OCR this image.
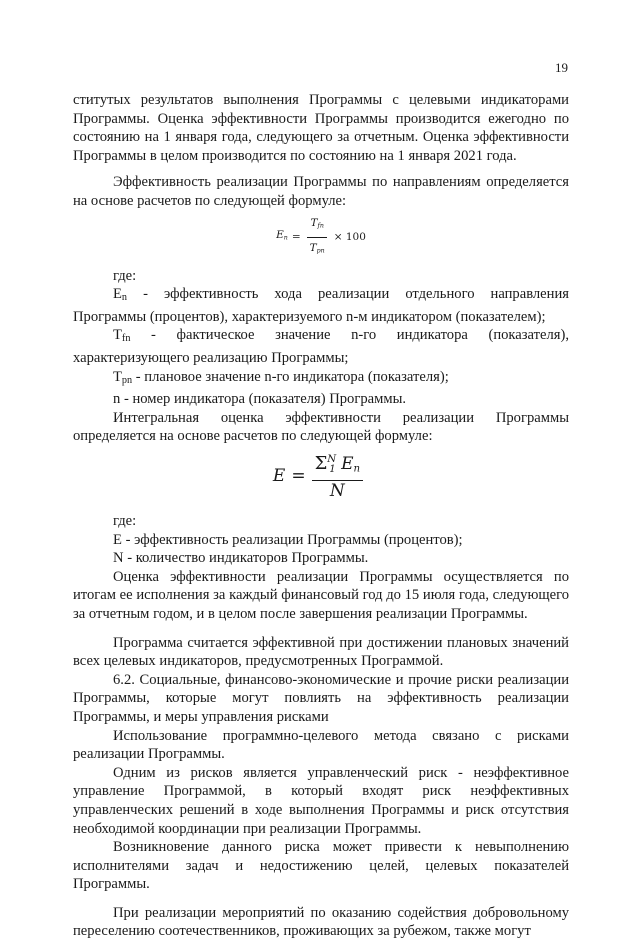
19

ститутых результатов выполнения Программы с целевыми индикаторами Программы. Оценка эффективности Программы производится ежегодно по состоянию на 1 января года, следующего за отчетным. Оценка эффективности Программы в целом производится по состоянию на 1 января 2021 года.

Эффективность реализации Программы по направлениям определяется на основе расчетов по следующей формуле:

$En = \frac{\text{Tfn}}{\text{Tpn}} \times 100$

где:

En - эффективность хода реализации отдельного направления Программы (процентов), характеризуемого n-м индикатором (показателем);

Tfn - фактическое значение n-го индикатора (показателя), характеризующего реализацию Программы;

Tpn - плановое значение n-го индикатора (показателя);

n - номер индикатора (показателя) Программы.

Интегральная оценка эффективности реализации Программы определяется на основе расчетов по следующей формуле:

$E = \frac{\Sigma^N1 En}{N}$

где:

E - эффективность реализации Программы (процентов);

N - количество индикаторов Программы.

Оценка эффективности реализации Программы осуществляется по итогам ее исполнения за каждый финансовый год до 15 июля года, следующего за отчетным годом, и в целом после завершения реализации Программы.

Программа считается эффективной при достижении плановых значений всех целевых индикаторов, предусмотренных Программой.

6.2. Социальные, финансово-экономические и прочие риски реализации Программы, которые могут повлиять на эффективность реализации Программы, и меры управления рисками

Использование программно-целевого метода связано с рисками реализации Программы.

Одним из рисков является управленческий риск - неэффективное управление Программой, в который входят риск неэффективных управленческих решений в ходе выполнения Программы и риск отсутствия необходимой координации при реализации Программы.

Возникновение данного риска может привести к невыполнению исполнителями задач и недостижению целей, целевых показателей Программы.

При реализации мероприятий по оказанию содействия добровольному переселению соотечественников, проживающих за рубежом, также могут
